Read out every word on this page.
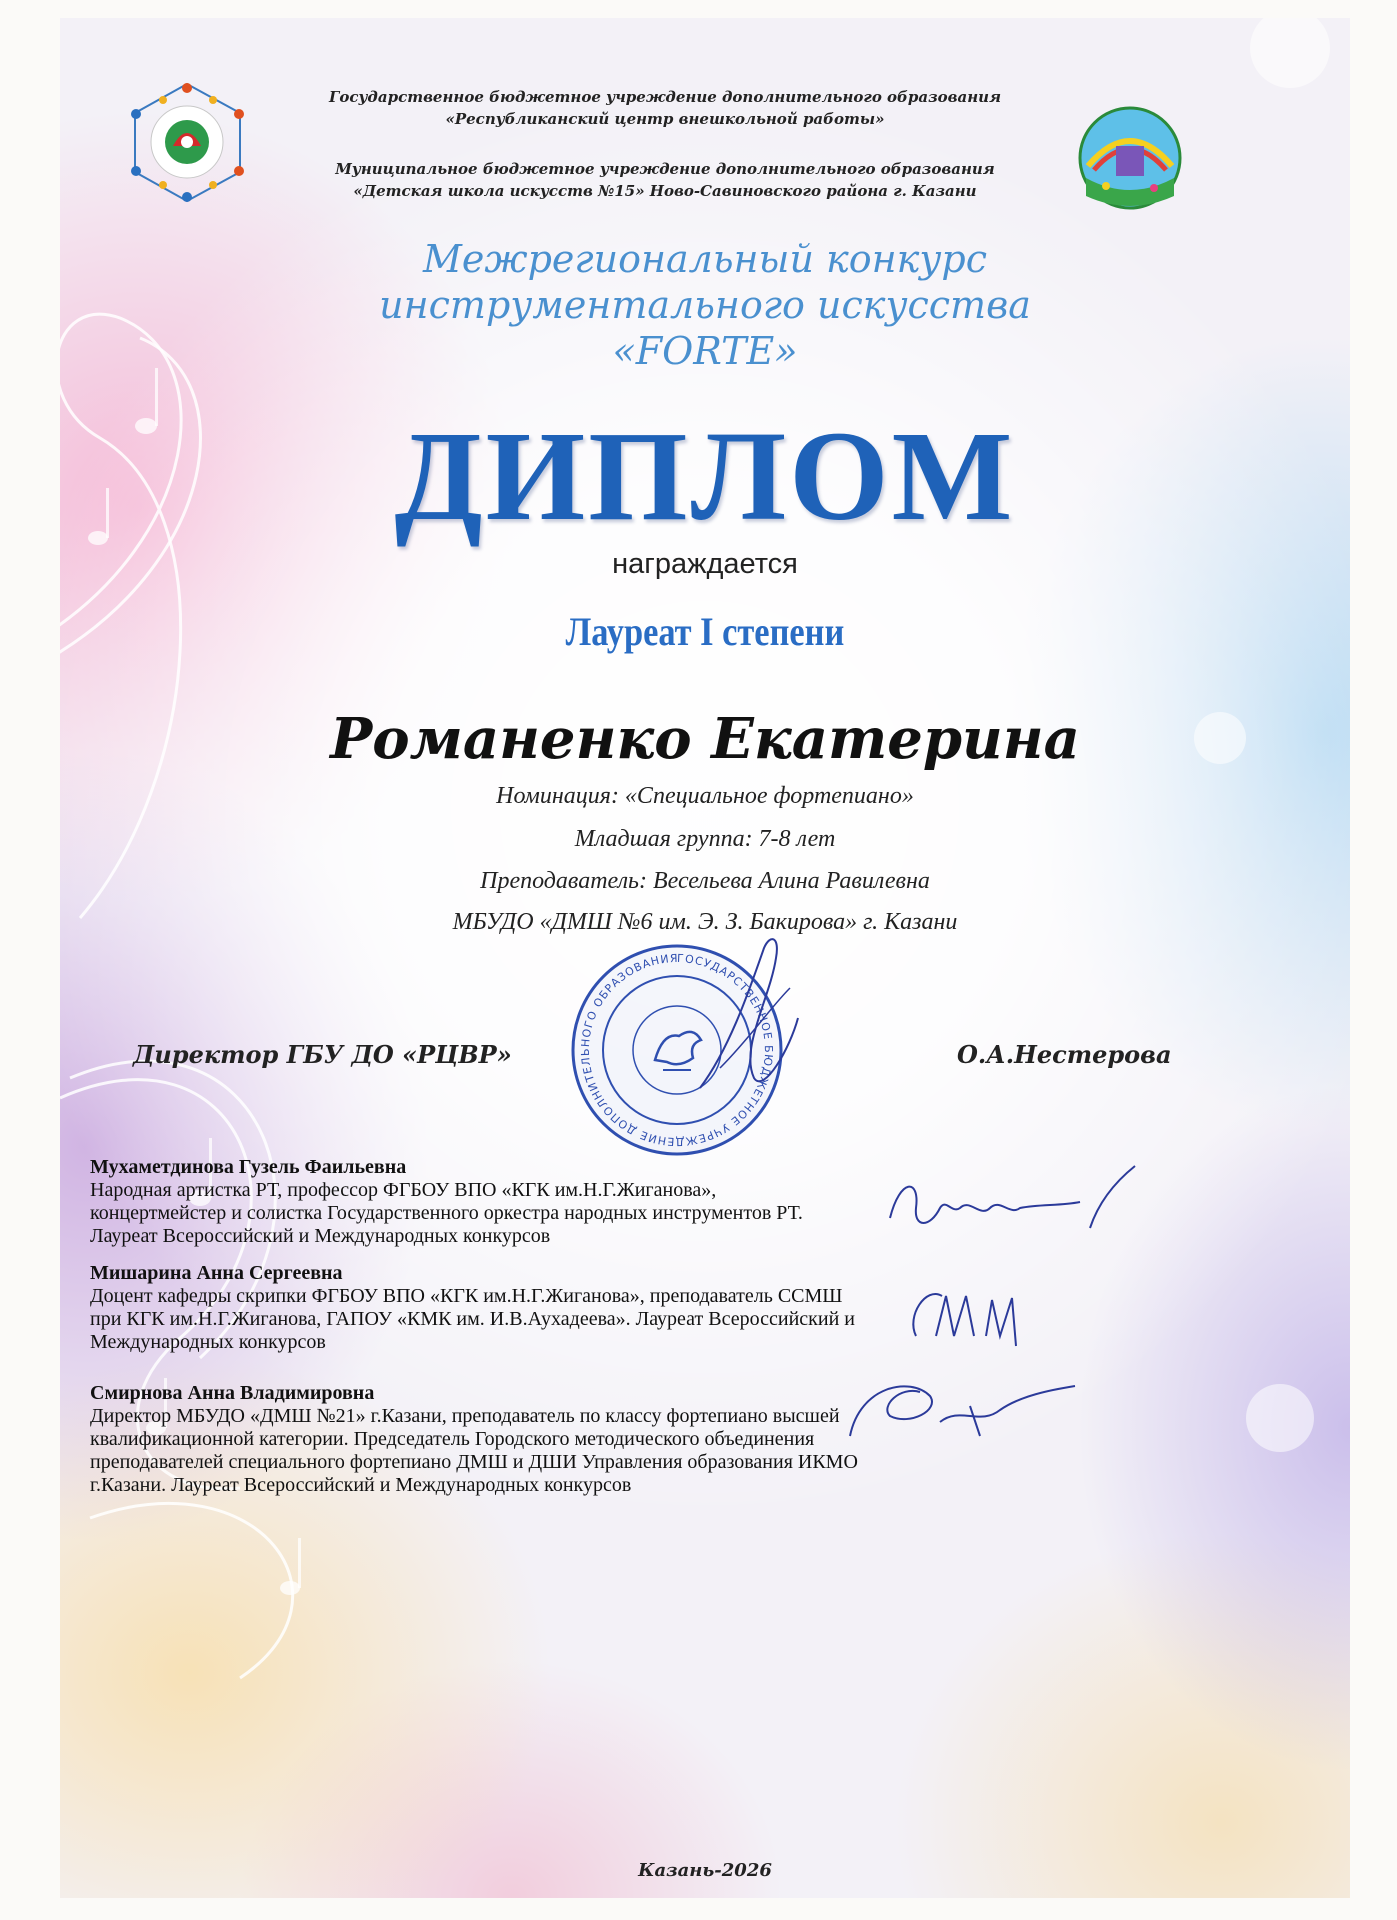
Государственное бюджетное учреждение дополнительного образования
«Республиканский центр внешкольной работы»
Муниципальное бюджетное учреждение дополнительного образования
«Детская школа искусств №15» Ново-Савиновского района г. Казани
Межрегиональный конкурс
инструментального искусства
«FORTE»
ДИПЛОМ
награждается
Лауреат I степени
Романенко Екатерина
Номинация: «Специальное фортепиано»
Младшая группа: 7-8 лет
Преподаватель: Весельева Алина Равилевна
МБУДО «ДМШ №6 им. Э. З. Бакирова» г. Казани
ГОСУДАРСТВЕННОЕ БЮДЖЕТНОЕ УЧРЕЖДЕНИЕ ДОПОЛНИТЕЛЬНОГО ОБРАЗОВАНИЯ
Директор ГБУ ДО «РЦВР»	О.А.Нестерова
Мухаметдинова Гузель Фаильевна
Народная артистка РТ, профессор ФГБОУ ВПО «КГК им.Н.Г.Жиганова»,
концертмейстер и солистка Государственного оркестра народных инструментов РТ.
Лауреат Всероссийский и Международных конкурсов
Мишарина Анна Сергеевна
Доцент кафедры скрипки ФГБОУ ВПО «КГК им.Н.Г.Жиганова», преподаватель ССМШ
при КГК им.Н.Г.Жиганова, ГАПОУ «КМК им. И.В.Аухадеева». Лауреат Всероссийский и
Международных конкурсов
Смирнова Анна Владимировна
Директор МБУДО «ДМШ №21» г.Казани, преподаватель по классу фортепиано высшей
квалификационной категории. Председатель Городского методического объединения
преподавателей специального фортепиано ДМШ и ДШИ Управления образования ИКМО
г.Казани. Лауреат Всероссийский и Международных конкурсов
Казань-2026
